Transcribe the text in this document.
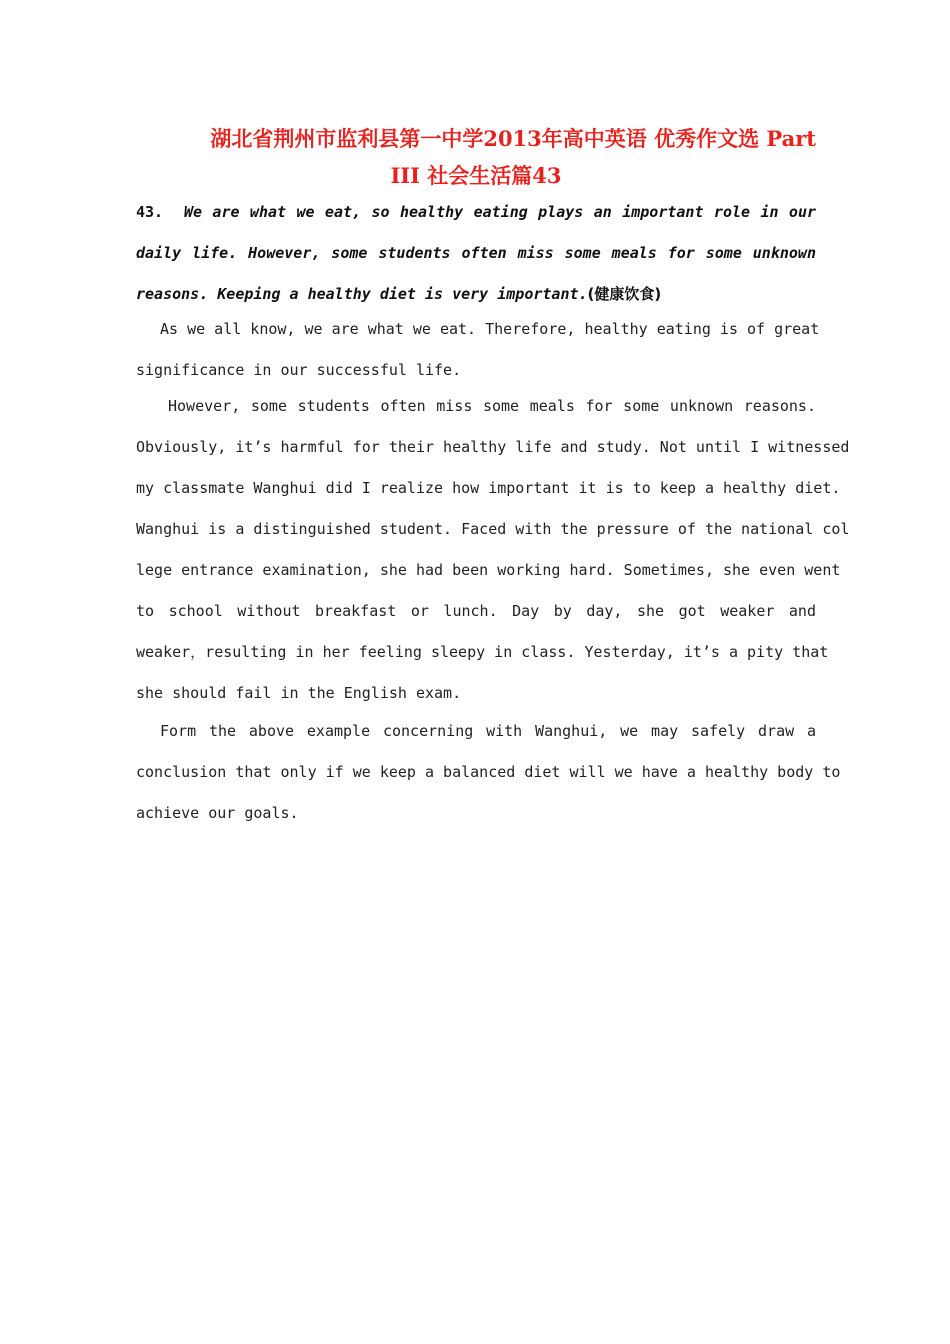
湖北省荆州市监利县第一中学2013年高中英语 优秀作文选 Part
III 社会生活篇43
43. We are what we eat, so healthy eating plays an important role in our
daily life. However, some students often miss some meals for some unknown
reasons. Keeping a healthy diet is very important.(健康饮食)
As we all know, we are what we eat. Therefore, healthy eating is of great
significance in our successful life.
However, some students often miss some meals for some unknown reasons.
Obviously, it’s harmful for their healthy life and study. Not until I witnessed
my classmate Wanghui did I realize how important it is to keep a healthy diet.
Wanghui is a distinguished student. Faced with the pressure of the national col
lege entrance examination, she had been working hard. Sometimes, she even went
to school without breakfast or lunch. Day by day, she got weaker and
weaker，resulting in her feeling sleepy in class. Yesterday, it’s a pity that
she should fail in the English exam.
Form the above example concerning with Wanghui, we may safely draw a
conclusion that only if we keep a balanced diet will we have a healthy body to
achieve our goals.
